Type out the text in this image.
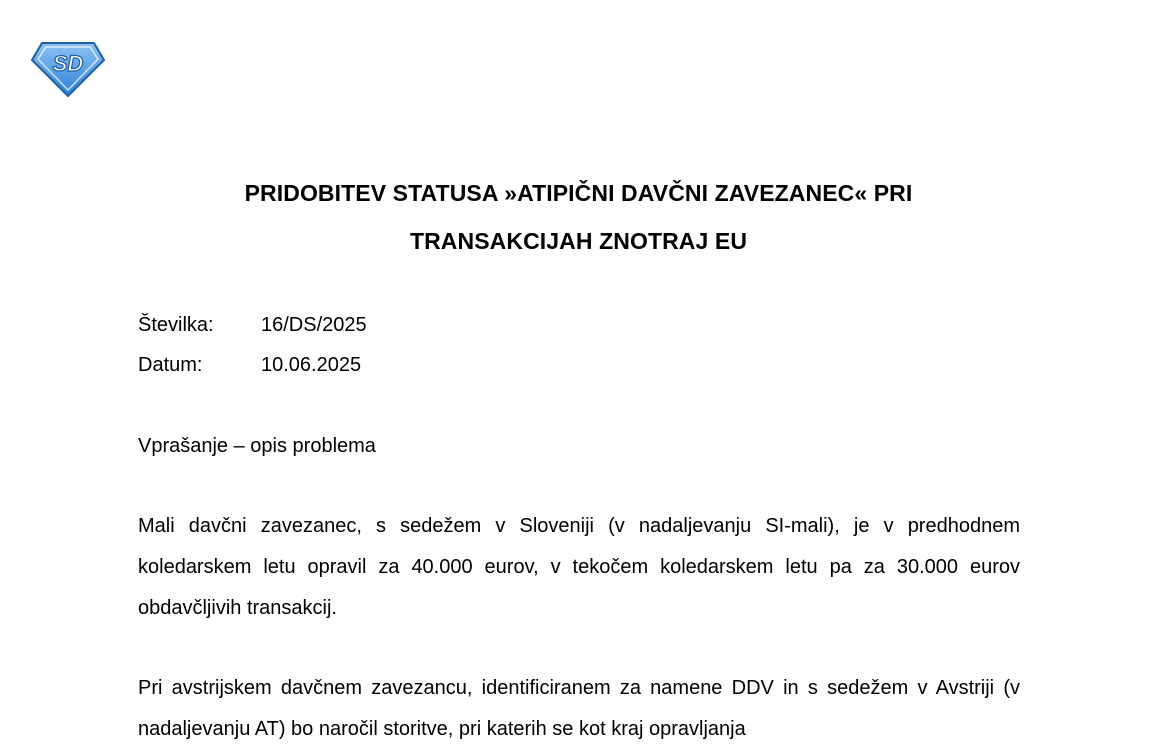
SD
PRIDOBITEV STATUSA »ATIPIČNI DAVČNI ZAVEZANEC« PRI
TRANSAKCIJAH ZNOTRAJ EU
Številka: 16/DS/2025
Datum:	10.06.2025
Vprašanje – opis problema

Mali davčni zavezanec, s sedežem v Sloveniji (v nadaljevanju SI-mali), je v predhodnem koledarskem letu opravil za 40.000 eurov, v tekočem koledarskem letu pa za 30.000 eurov obdavčljivih transakcij.

Pri avstrijskem davčnem zavezancu, identificiranem za namene DDV in s sedežem v Avstriji (v nadaljevanju AT) bo naročil storitve, pri katerih se kot kraj opravljanja
